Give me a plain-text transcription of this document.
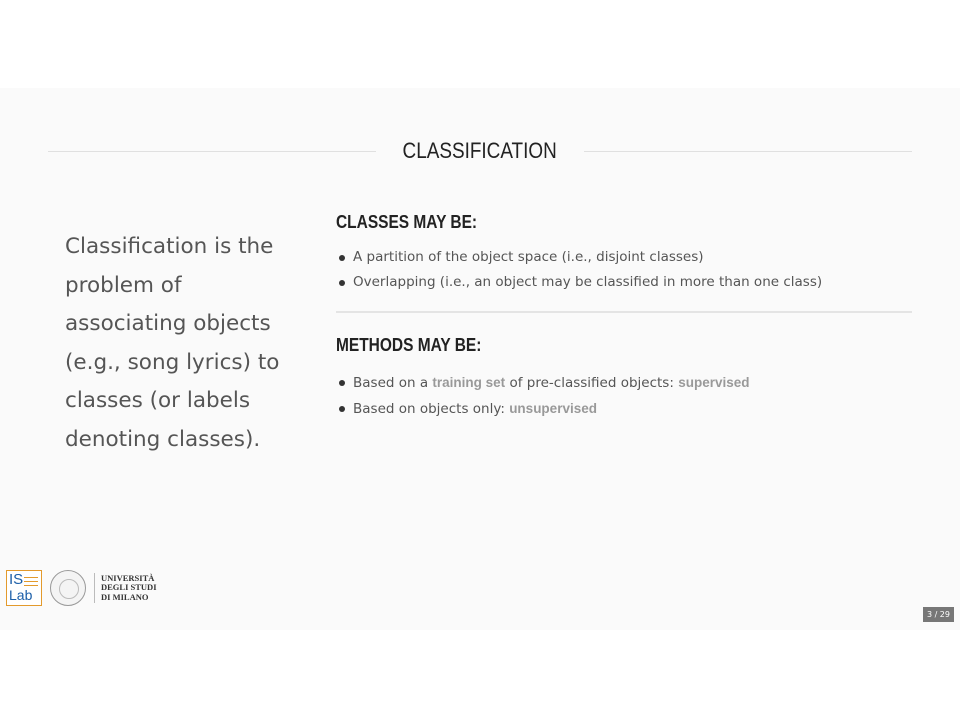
CLASSIFICATION
Classification is the problem of associating objects (e.g., song lyrics) to classes (or labels denoting classes).
CLASSES MAY BE:
A partition of the object space (i.e., disjoint classes)
Overlapping (i.e., an object may be classified in more than one class)
METHODS MAY BE:
Based on a training set of pre-classified objects: supervised
Based on objects only: unsupervised
IS
Lab
UNIVERSITÀ
DEGLI STUDI
DI MILANO
3 / 29
